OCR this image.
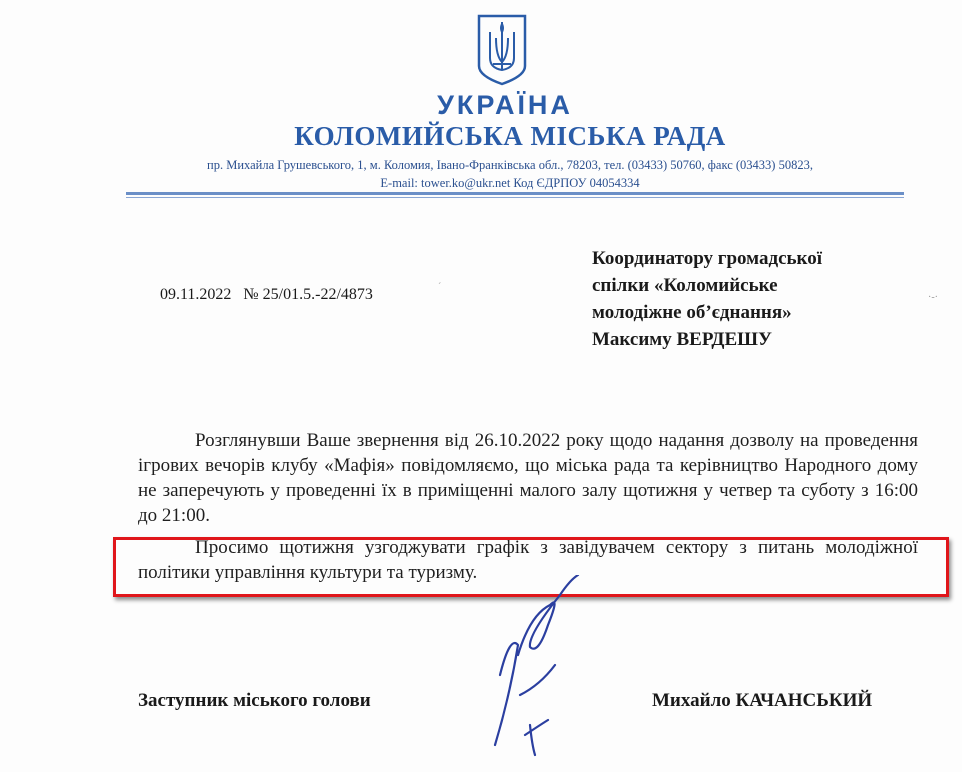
УКРАЇНА
КОЛОМИЙСЬКА МІСЬКА РАДА
пр. Михайла Грушевського, 1, м. Коломия, Івано-Франківська обл., 78203, тел. (03433) 50760, факс (03433) 50823,
E-mail: tower.ko@ukr.net Код ЄДРПОУ 04054334
09.11.2022 № 25/01.5.-22/4873
Координатору громадської
спілки «Коломийське
молодіжне об’єднання»
Максиму ВЕРДЕШУ
´
·‐·
Розглянувши Ваше звернення від 26.10.2022 року щодо надання дозволу на проведення ігрових вечорів клубу «Мафія» повідомляємо, що міська рада та керівництво Народного дому не заперечують у проведенні їх в приміщенні малого залу щотижня у четвер та суботу з 16:00 до 21:00.
Просимо щотижня узгоджувати графік з завідувачем сектору з питань молодіжної політики управління культури та туризму.
Заступник міського голови	Михайло КАЧАНСЬКИЙ
